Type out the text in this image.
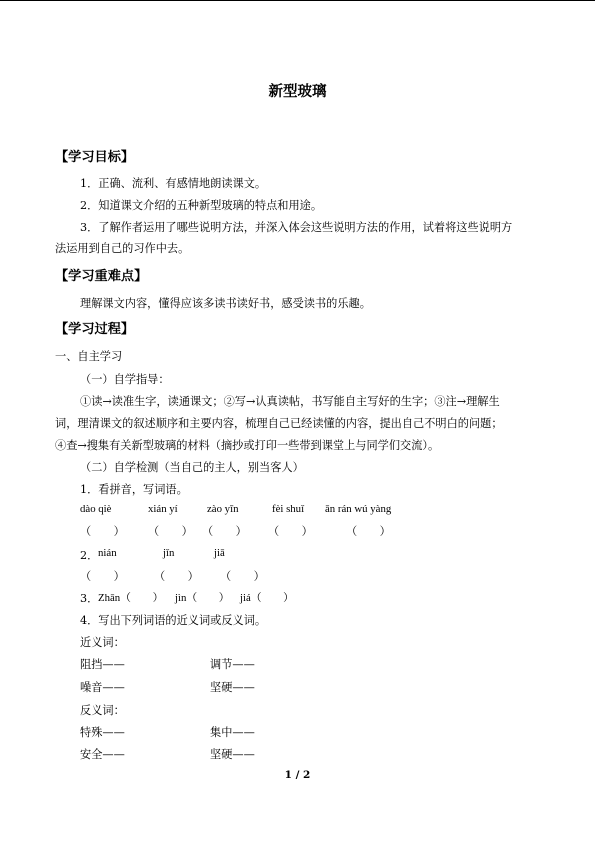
新型玻璃
【学习目标】
1．正确、流利、有感情地朗读课文。
2．知道课文介绍的五种新型玻璃的特点和用途。
3．了解作者运用了哪些说明方法，并深入体会这些说明方法的作用，试着将这些说明方
法运用到自己的习作中去。
【学习重难点】
理解课文内容，懂得应该多读书读好书，感受读书的乐趣。
【学习过程】
一、自主学习
（一）自学指导：
①读→读准生字，读通课文；②写→认真读帖，书写能自主写好的生字；③注→理解生
词，理清课文的叙述顺序和主要内容，梳理自己已经读懂的内容，提出自己不明白的问题；
④查→搜集有关新型玻璃的材料（摘抄或打印一些带到课堂上与同学们交流）。
（二）自学检测（当自己的主人，别当客人）
1．看拼音，写词语。
dào qiè	xián yí	zào yīn	fèi shuǐ ān rán wú yàng
（　　） （　　） （　　） （　　）	（　　）
2． nián	jǐn	jiā
（　　）	（　　） （　　）
3． Zhān（　　） jìn（　　） jiá（　　）
4．写出下列词语的近义词或反义词。
近义词：
阻挡——	调节——
噪音——	坚硬——
反义词：
特殊——	集中——
安全——	坚硬——
1 / 2
